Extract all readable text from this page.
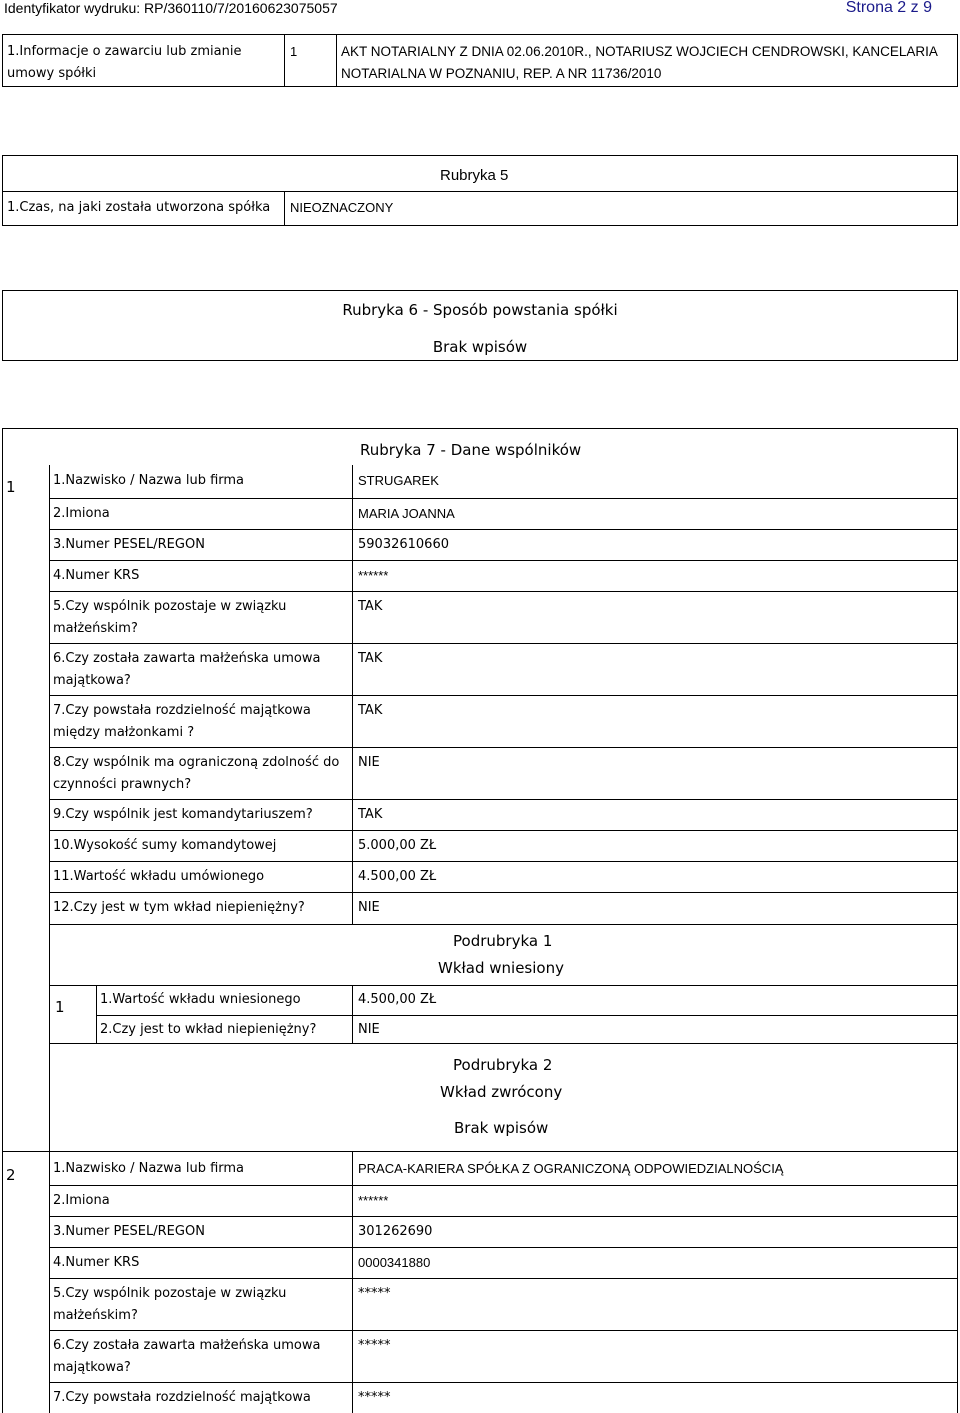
Identyfikator wydruku: RP/360110/7/20160623075057	Strona 2 z 9
1.Informacje o zawarciu lub zmianie
umowy spółki
1	AKT NOTARIALNY Z DNIA 02.06.2010R., NOTARIUSZ WOJCIECH CENDROWSKI, KANCELARIA
NOTARIALNA W POZNANIU, REP. A NR 11736/2010
Rubryka 5
1.Czas, na jaki została utworzona spółka NIEOZNACZONY
Rubryka 6 - Sposób powstania spółki
Brak wpisów
Rubryka 7 - Dane wspólników
1	1.Nazwisko / Nazwa lub firma	STRUGAREK
2.Imiona	MARIA JOANNA
3.Numer PESEL/REGON	59032610660
4.Numer KRS	******
5.Czy wspólnik pozostaje w związku
małżeńskim?
TAK
6.Czy została zawarta małżeńska umowa
majątkowa?
TAK
7.Czy powstała rozdzielność majątkowa
między małżonkami ?
TAK
8.Czy wspólnik ma ograniczoną zdolność do
czynności prawnych?
NIE
9.Czy wspólnik jest komandytariuszem?	TAK
10.Wysokość sumy komandytowej	5.000,00 ZŁ
11.Wartość wkładu umówionego	4.500,00 ZŁ
12.Czy jest w tym wkład niepieniężny?	NIE
Podrubryka 1
Wkład wniesiony
1	1.Wartość wkładu wniesionego	4.500,00 ZŁ
2.Czy jest to wkład niepieniężny?	NIE
Podrubryka 2
Wkład zwrócony
Brak wpisów
2	1.Nazwisko / Nazwa lub firma	PRACA-KARIERA SPÓŁKA Z OGRANICZONĄ ODPOWIEDZIALNOŚCIĄ
2.Imiona	******
3.Numer PESEL/REGON	301262690
4.Numer KRS	0000341880
5.Czy wspólnik pozostaje w związku
małżeńskim?
*****
6.Czy została zawarta małżeńska umowa
majątkowa?
*****
7.Czy powstała rozdzielność majątkowa	*****
